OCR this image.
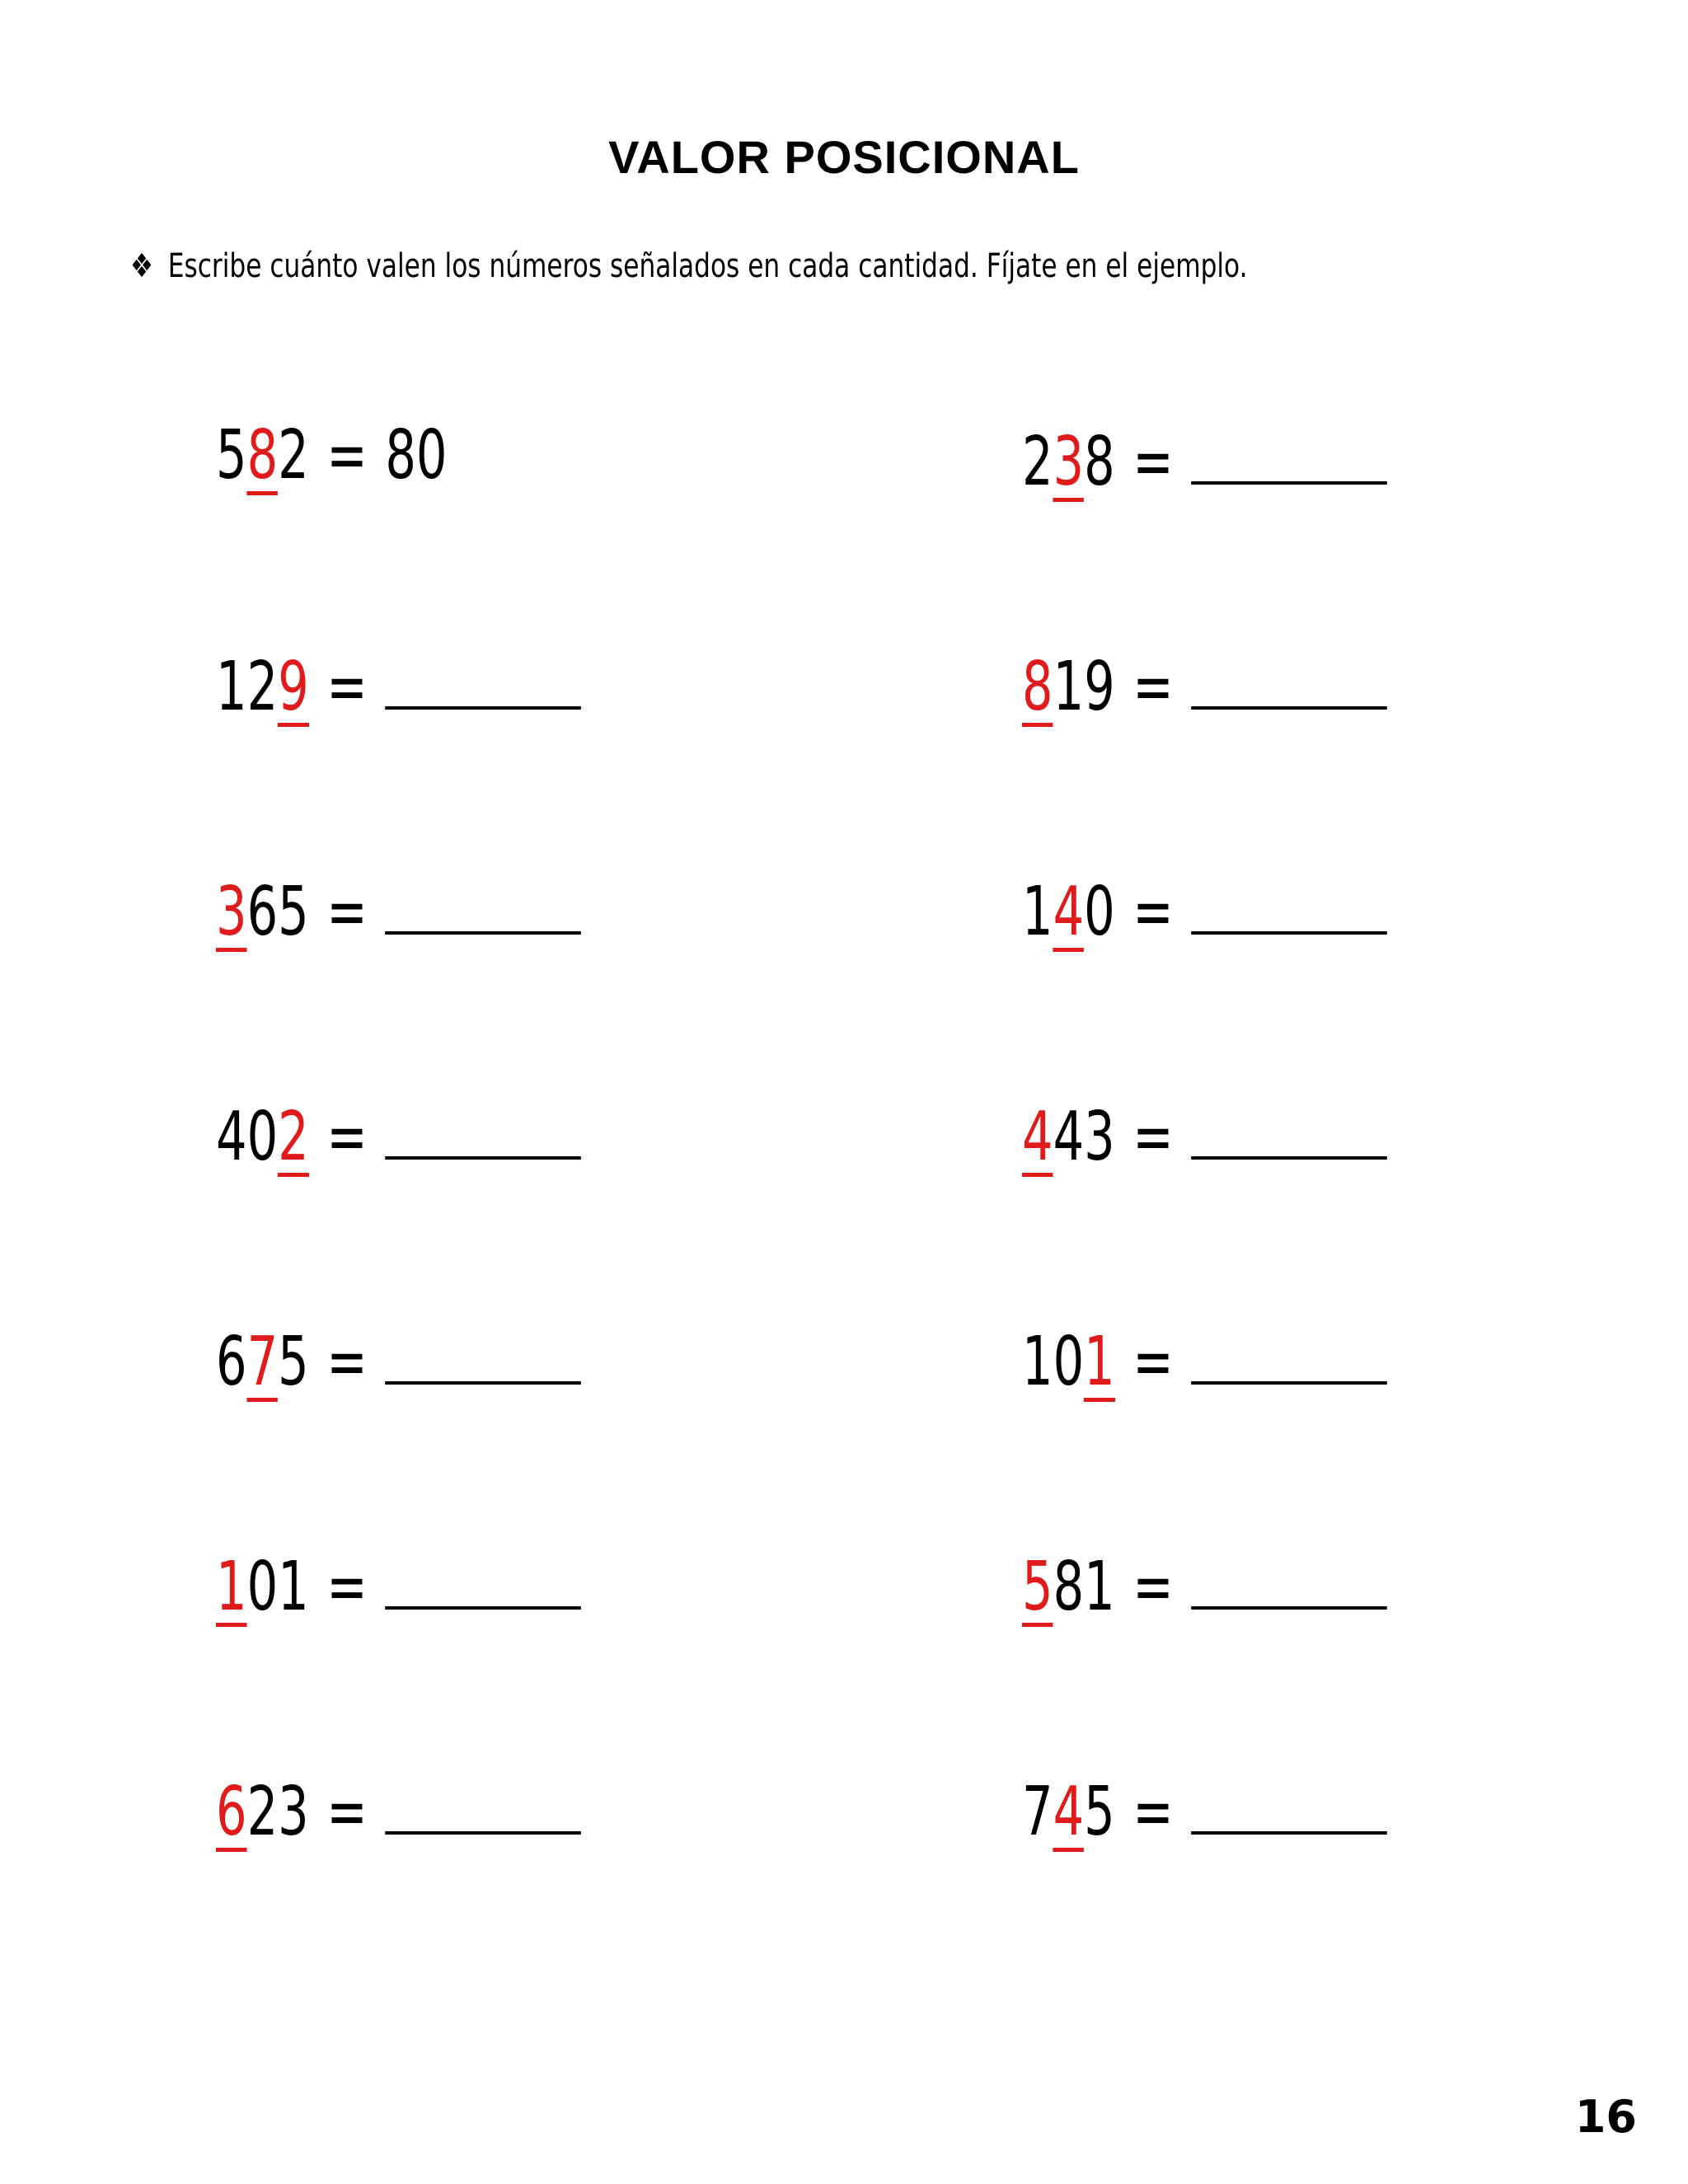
VALOR POSICIONAL
❖ Escribe cuánto valen los números señalados en cada cantidad. Fíjate en el ejemplo.
582 = 80	238 =
129 =	819 =
365 =	140 =
402 =	443 =
675 =	101 =
101 =	581 =
623 =	745 =
16
